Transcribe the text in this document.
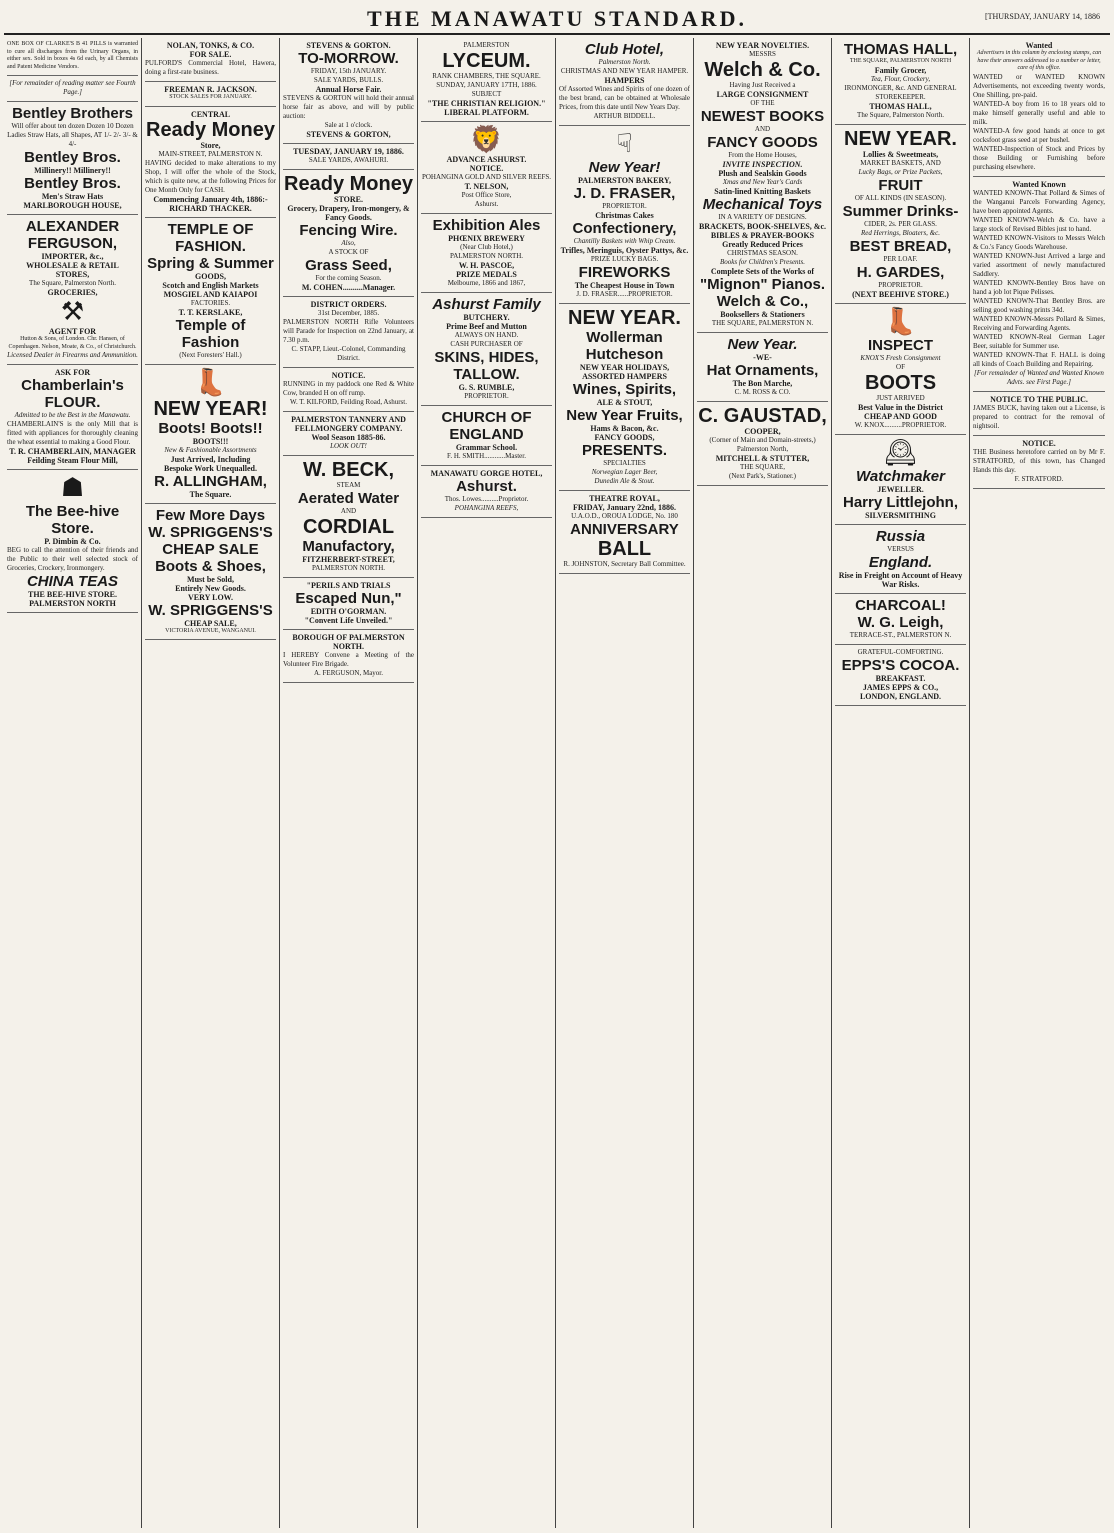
THE MANAWATU STANDARD.	[THURSDAY, JANUARY 14, 1886
ONE BOX OF CLARKE'S B 41 PILLS is warranted to cure all discharges from the Urinary Organs, in either sex. Sold in boxes 4s 6d each, by all Chemists and Patent Medicine Vendors.
[For remainder of reading matter see Fourth Page.]
Bentley Brothers
Will offer about ten dozen Dozen 10 Dozen Ladies Straw Hats, all Shapes, AT 1/- 2/- 3/- & 4/-
Bentley Bros.
Millinery!! Millinery!!
Bentley Bros.
Men's Straw Hats
MARLBOROUGH HOUSE,
ALEXANDER FERGUSON,
IMPORTER, &c.,
WHOLESALE & RETAIL
STORES,
The Square, Palmerston North.
GROCERIES,
⚒
AGENT FOR
Hutton & Sons, of London. Chr. Hansen, of Copenhagen. Nelson, Moate, & Co., of Christchurch.
Licensed Dealer in Firearms and Ammunition.
ASK FOR
Chamberlain's
FLOUR.
Admitted to be the Best in the Manawatu.
CHAMBERLAIN'S is the only Mill that is fitted with appliances for thoroughly cleaning the wheat essential to making a Good Flour.
T. R. CHAMBERLAIN, MANAGER
Feilding Steam Flour Mill,
☗
The Bee-hive Store.
P. Dimbin & Co.
BEG to call the attention of their friends and the Public to their well selected stock of Groceries, Crockery, Ironmongery.
CHINA TEAS
THE BEE-HIVE STORE.
PALMERSTON NORTH
NOLAN, TONKS, & CO.
FOR SALE.
PULFORD'S Commercial Hotel, Hawera, doing a first-rate business.
FREEMAN R. JACKSON.
STOCK SALES FOR JANUARY.
CENTRAL
Ready Money
Store,
MAIN-STREET, PALMERSTON N.
HAVING decided to make alterations to my Shop, I will offer the whole of the Stock, which is quite new, at the following Prices for One Month Only for CASH.
Commencing January 4th, 1886:-
RICHARD THACKER.
TEMPLE OF FASHION.
Spring & Summer
GOODS,
Scotch and English Markets
MOSGIEL AND KAIAPOI
FACTORIES.
T. T. KERSLAKE,
Temple of Fashion
(Next Foresters' Hall.)
👢
NEW YEAR!
Boots! Boots!!
BOOTS!!!
New & Fashionable Assortments
Just Arrived, Including
Bespoke Work Unequalled.
R. ALLINGHAM,
The Square.
Few More Days
W. SPRIGGENS'S
CHEAP SALE
Boots & Shoes,
Must be Sold,
Entirely New Goods.
VERY LOW.
W. SPRIGGENS'S
CHEAP SALE,
VICTORIA AVENUE, WANGANUI.
STEVENS & GORTON.
TO-MORROW.
FRIDAY, 15th JANUARY.
SALE YARDS, BULLS.
Annual Horse Fair.
STEVENS & GORTON will hold their annual horse fair as above, and will by public auction:
Sale at 1 o'clock.
STEVENS & GORTON,
TUESDAY, JANUARY 19, 1886.
SALE YARDS, AWAHURI.
Ready Money
STORE.
Grocery, Drapery, Iron-mongery, & Fancy Goods.
Fencing Wire.
Also,
A STOCK OF
Grass Seed,
For the coming Season.
M. COHEN..........Manager.
DISTRICT ORDERS.
31st December, 1885.
PALMERSTON NORTH Rifle Volunteers will Parade for Inspection on 22nd January, at 7.30 p.m.
C. STAPP, Lieut.-Colonel, Commanding District.
NOTICE.
RUNNING in my paddock one Red & White Cow, branded H on off rump.
W. T. KILFORD, Feilding Road, Ashurst.
PALMERSTON TANNERY AND FELLMONGERY COMPANY.
Wool Season 1885-86.
LOOK OUT!
W. BECK,
STEAM
Aerated Water
AND
CORDIAL
Manufactory,
FITZHERBERT-STREET,
PALMERSTON NORTH.
"PERILS AND TRIALS
Escaped Nun,"
EDITH O'GORMAN.
"Convent Life Unveiled."
BOROUGH OF PALMERSTON NORTH.
I HEREBY Convene a Meeting of the Volunteer Fire Brigade.
A. FERGUSON, Mayor.
PALMERSTON
LYCEUM.
RANK CHAMBERS, THE SQUARE.
SUNDAY, JANUARY 17TH, 1886.
SUBJECT
"THE CHRISTIAN RELIGION."
LIBERAL PLATFORM.
🦁
ADVANCE ASHURST.
NOTICE.
POHANGINA GOLD AND SILVER REEFS.
T. NELSON,
Post Office Store,
Ashurst.
Exhibition Ales
PHŒNIX BREWERY
(Near Club Hotel,)
PALMERSTON NORTH.
W. H. PASCOE,
PRIZE MEDALS
Melbourne, 1866 and 1867,
Ashurst Family
BUTCHERY.
Prime Beef and Mutton
ALWAYS ON HAND.
CASH PURCHASER OF
SKINS, HIDES,
TALLOW.
G. S. RUMBLE,
PROPRIETOR.
CHURCH OF ENGLAND
Grammar School.
F. H. SMITH............Master.
MANAWATU GORGE HOTEL,
Ashurst.
Thos. Lowes..........Proprietor.
POHANGINA REEFS,
Club Hotel,
Palmerston North.
CHRISTMAS AND NEW YEAR HAMPER.
HAMPERS
Of Assorted Wines and Spirits of one dozen of the best brand, can be obtained at Wholesale Prices, from this date until New Years Day.
ARTHUR BIDDELL.
☟
New Year!
PALMERSTON BAKERY,
J. D. FRASER,
PROPRIETOR.
Christmas Cakes
Confectionery,
Chantilly Baskets with Whip Cream.
Trifles, Meringuis, Oyster Pattys, &c.
PRIZE LUCKY BAGS.
FIREWORKS
The Cheapest House in Town
J. D. FRASER......PROPRIETOR.
NEW YEAR.
Wollerman
Hutcheson
NEW YEAR HOLIDAYS,
ASSORTED HAMPERS
Wines, Spirits,
ALE & STOUT,
New Year Fruits,
Hams & Bacon, &c.
FANCY GOODS,
PRESENTS.
SPECIALTIES
Norwegian Lager Beer,
Dunedin Ale & Stout.
THEATRE ROYAL,
FRIDAY, January 22nd, 1886.
U.A.O.D., OROUA LODGE, No. 180
ANNIVERSARY
BALL
R. JOHNSTON, Secretary Ball Committee.
NEW YEAR NOVELTIES.
MESSRS
Welch & Co.
Having Just Received a
LARGE CONSIGNMENT
OF THE
NEWEST BOOKS
AND
FANCY GOODS
From the Home Houses,
INVITE INSPECTION.
Plush and Sealskin Goods
Xmas and New Year's Cards
Satin-lined Knitting Baskets
Mechanical Toys
IN A VARIETY OF DESIGNS.
BRACKETS, BOOK-SHELVES, &c.
BIBLES & PRAYER-BOOKS
Greatly Reduced Prices
CHRISTMAS SEASON.
Books for Children's Presents.
Complete Sets of the Works of
"Mignon" Pianos.
Welch & Co.,
Booksellers & Stationers
THE SQUARE, PALMERSTON N.
New Year.
-WE-
Hat Ornaments,
The Bon Marche,
C. M. ROSS & CO.
C. GAUSTAD,
COOPER,
(Corner of Main and Domain-streets,)
Palmerston North,
MITCHELL & STUTTER,
THE SQUARE,
(Next Park's, Stationer.)
THOMAS HALL,
THE SQUARE, PALMERSTON NORTH
Family Grocer,
Tea, Flour, Crockery,
IRONMONGER, &c. AND GENERAL STOREKEEPER.
THOMAS HALL,
The Square, Palmerston North.
NEW YEAR.
Lollies & Sweetmeats,
MARKET BASKETS, AND
Lucky Bags, or Prize Packets,
FRUIT
OF ALL KINDS (IN SEASON).
Summer Drinks-
CIDER, 2s. PER GLASS.
Red Herrings, Bloaters, &c.
BEST BREAD,
PER LOAF.
H. GARDES,
PROPRIETOR.
(NEXT BEEHIVE STORE.)
👢
INSPECT
KNOX'S Fresh Consignment
OF
BOOTS
JUST ARRIVED
Best Value in the District
CHEAP AND GOOD
W. KNOX..........PROPRIETOR.
🕰
Watchmaker
JEWELLER.
Harry Littlejohn,
SILVERSMITHING
Russia
VERSUS
England.
Rise in Freight on Account of Heavy War Risks.
CHARCOAL!
W. G. Leigh,
TERRACE-ST., PALMERSTON N.
GRATEFUL-COMFORTING.
EPPS'S COCOA.
BREAKFAST.
JAMES EPPS & CO.,
LONDON, ENGLAND.
Wanted
Advertisers in this column by enclosing stamps, can have their answers addressed to a number or letter, care of this office.
WANTED or WANTED KNOWN Advertisements, not exceeding twenty words, One Shilling, pre-paid.
WANTED-A boy from 16 to 18 years old to make himself generally useful and able to milk.
WANTED-A few good hands at once to get cocksfoot grass seed at per bushel.
WANTED-Inspection of Stock and Prices by those Building or Furnishing before purchasing elsewhere.
Wanted Known
WANTED KNOWN-That Pollard & Simes of the Wanganui Parcels Forwarding Agency, have been appointed Agents.
WANTED KNOWN-Welch & Co. have a large stock of Revised Bibles just to hand.
WANTED KNOWN-Visitors to Messrs Welch & Co.'s Fancy Goods Warehouse.
WANTED KNOWN-Just Arrived a large and varied assortment of newly manufactured Saddlery.
WANTED KNOWN-Bentley Bros have on hand a job lot Pique Pelisses.
WANTED KNOWN-That Bentley Bros. are selling good washing prints 34d.
WANTED KNOWN-Messrs Pollard & Simes, Receiving and Forwarding Agents.
WANTED KNOWN-Real German Lager Beer, suitable for Summer use.
WANTED KNOWN-That F. HALL is doing all kinds of Coach Building and Repairing.
[For remainder of Wanted and Wanted Known Advts. see First Page.]
NOTICE TO THE PUBLIC.
JAMES BUCK, having taken out a License, is prepared to contract for the removal of nightsoil.
NOTICE.
THE Business heretofore carried on by Mr F. STRATFORD, of this town, has Changed Hands this day.
F. STRATFORD.
